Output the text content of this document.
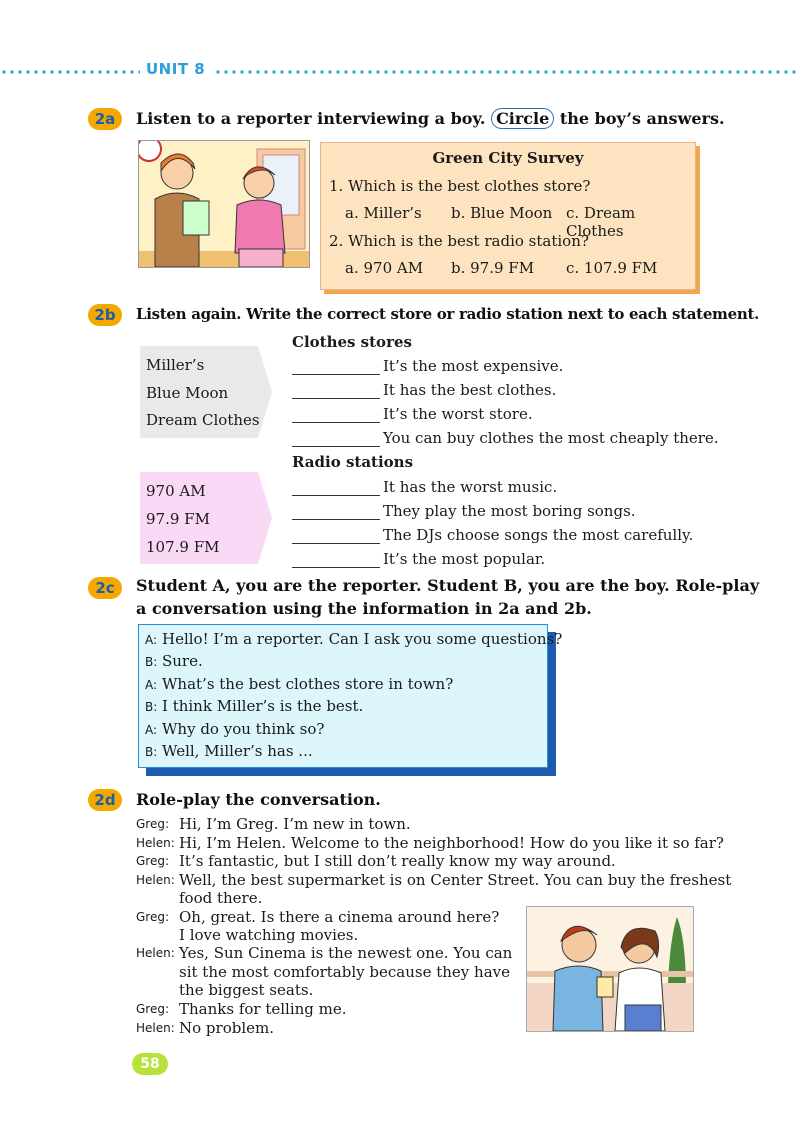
UNIT 8
2a	Listen to a reporter interviewing a boy. Circle the boy’s answers.
Green City Survey
1. Which is the best clothes store?
a. Miller’s b. Blue Moon c. Dream Clothes
2. Which is the best radio station?
a. 970 AM b. 97.9 FM c. 107.9 FM
2b	Listen again. Write the correct store or radio station next to each statement.
Miller’s
Blue Moon
Dream Clothes
Clothes stores
It’s the most expensive.
It has the best clothes.
It’s the worst store.
You can buy clothes the most cheaply there.
970 AM
97.9 FM
107.9 FM
Radio stations
It has the worst music.
They play the most boring songs.
The DJs choose songs the most carefully.
It’s the most popular.
2c	Student A, you are the reporter. Student B, you are the boy. Role-play
a conversation using the information in 2a and 2b.
A: Hello! I’m a reporter. Can I ask you some questions?
B: Sure.
A: What’s the best clothes store in town?
B: I think Miller’s is the best.
A: Why do you think so?
B: Well, Miller’s has ...
2d	Role-play the conversation.
Greg: Hi, I’m Greg. I’m new in town.
Helen: Hi, I’m Helen. Welcome to the neighborhood! How do you like it so far?
Greg: It’s fantastic, but I still don’t really know my way around.
Helen: Well, the best supermarket is on Center Street. You can buy the freshest
food there.
Greg: Oh, great. Is there a cinema around here?
I love watching movies.
Helen: Yes, Sun Cinema is the newest one. You can
sit the most comfortably because they have
the biggest seats.
Greg: Thanks for telling me.
Helen: No problem.
58
